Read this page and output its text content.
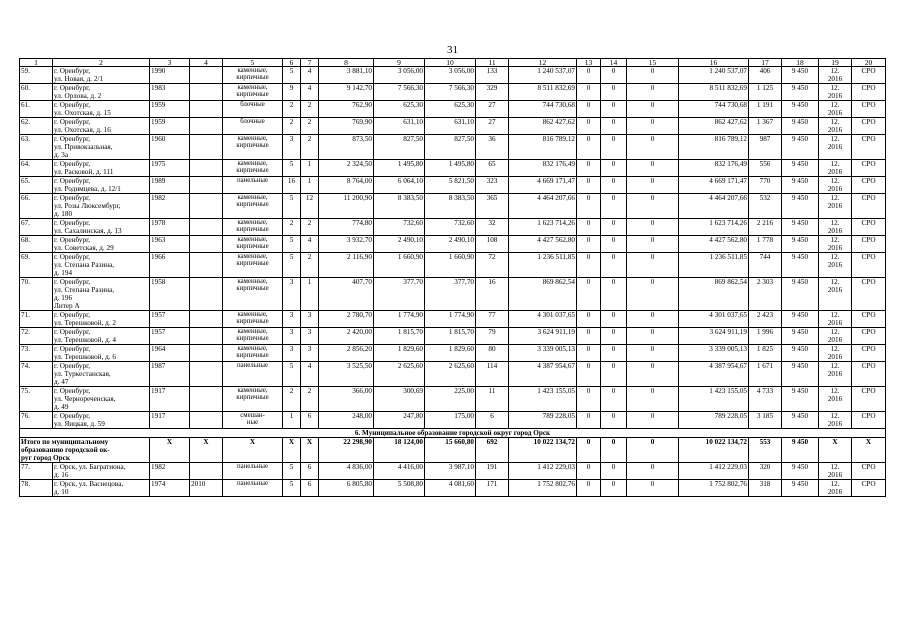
31
1	2	3	4	5	6	7	8	9	10	11	12	13	14	15	16	17	18	19	20
59.	г. Оренбург,
ул. Новая, д. 2/1	1990		каменные,
кирпичные	5	4	3 881,10	3 056,00	3 056,00	133	1 240 537,07	0	0	0	1 240 537,07	406	9 450	12.
2016	СРО
60.	г. Оренбург,
ул. Орлова, д. 2	1983		каменные,
кирпичные	9	4	9 142,70	7 566,30	7 566,30	329	8 511 832,69	0	0	0	8 511 832,69	1 125	9 450	12.
2016	СРО
61.	г. Оренбург,
ул. Охотская, д. 15	1959		блочные	2	2	762,90	625,30	625,30	27	744 730,68	0	0	0	744 730,68	1 191	9 450	12.
2016	СРО
62.	г. Оренбург,
ул. Охотская, д. 16	1959		блочные	2	2	769,90	631,10	631,10	27	862 427,62	0	0	0	862 427,62	1 367	9 450	12.
2016	СРО
63.	г. Оренбург,
ул. Привокзальная,
д. 3а	1960		каменные,
кирпичные	3	2	873,50	827,50	827,50	36	816 789,12	0	0	0	816 789,12	987	9 450	12.
2016	СРО
64.	г. Оренбург,
ул. Расковой, д. 111	1975		каменные,
кирпичные	5	1	2 324,50	1 495,80	1 495,80	65	832 176,49	0	0	0	832 176,49	556	9 450	12.
2016	СРО
65.	г. Оренбург,
ул. Родимцева, д. 12/1	1989		панельные	16	1	8 764,00	6 064,10	5 821,50	323	4 669 171,47	0	0	0	4 669 171,47	770	9 450	12.
2016	СРО
66.	г. Оренбург,
ул. Розы Люксембург,
д. 180	1982		каменные,
кирпичные	5	12	11 200,90	8 383,50	8 383,50	365	4 464 207,66	0	0	0	4 464 207,66	532	9 450	12.
2016	СРО
67.	г. Оренбург,
ул. Сахалинская, д. 13	1978		каменные,
кирпичные	2	2	774,80	732,60	732,60	32	1 623 714,26	0	0	0	1 623 714,26	2 216	9 450	12.
2016	СРО
68.	г. Оренбург,
ул. Советская, д. 29	1963		каменные,
кирпичные	5	4	3 932,70	2 490,10	2 490,10	108	4 427 562,80	0	0	0	4 427 562,80	1 778	9 450	12.
2016	СРО
69.	г. Оренбург,
ул. Степана Разина,
д. 194	1966		каменные,
кирпичные	5	2	2 116,90	1 660,90	1 660,90	72	1 236 511,85	0	0	0	1 236 511,85	744	9 450	12.
2016	СРО
70.	г. Оренбург,
ул. Степана Разина,
д. 196
Литер А	1958		каменные,
кирпичные	3	1	407,70	377,70	377,70	16	869 862,54	0	0	0	869 862,54	2 303	9 450	12.
2016	СРО
71.	г. Оренбург,
ул. Терешковой, д. 2	1957		каменные,
кирпичные	3	3	2 780,70	1 774,90	1 774,90	77	4 301 037,65	0	0	0	4 301 037,65	2 423	9 450	12.
2016	СРО
72.	г. Оренбург,
ул. Терешковой, д. 4	1957		каменные,
кирпичные	3	3	2 420,00	1 815,70	1 815,70	79	3 624 911,19	0	0	0	3 624 911,19	1 996	9 450	12.
2016	СРО
73.	г. Оренбург,
ул. Терешковой, д. 6	1964		каменные,
кирпичные	3	3	2 856,20	1 829,60	1 829,60	80	3 339 005,13	0	0	0	3 339 005,13	1 825	9 450	12.
2016	СРО
74.	г. Оренбург,
ул. Туркестанская,
д. 47	1987		панельные	5	4	3 525,50	2 625,60	2 625,60	114	4 387 954,67	0	0	0	4 387 954,67	1 671	9 450	12.
2016	СРО
75.	г. Оренбург,
ул. Чернореченская,
д. 49	1917		каменные,
кирпичные	2	2	366,00	300,69	225,00	11	1 423 155,05	0	0	0	1 423 155,05	4 733	9 450	12.
2016	СРО
76.	г. Оренбург,
ул. Яицкая, д. 59	1917		смешан-
ные	1	6	248,00	247,80	175,00	6	789 228,05	0	0	0	789 228,05	3 185	9 450	12.
2016	СРО
6. Муниципальное образование городской округ город Орск																			
Итого по муниципальному
образованию городской ок-
руг город Орск		X	X	X	X	X	22 298,90	18 124,00	15 660,80	692	10 022 134,72	0	0	0	10 022 134,72	553	9 450	X	X
77.	г. Орск, ул. Багратиона,
д. 16	1982		панельные	5	6	4 836,00	4 416,00	3 987,10	191	1 412 229,03	0	0	0	1 412 229,03	320	9 450	12.
2016	СРО
78.	г. Орск, ул. Васнецова,
д. 10	1974	2010	панельные	5	6	6 805,80	5 508,80	4 081,60	171	1 752 802,76	0	0	0	1 752 802,76	318	9 450	12.
2016	СРО
